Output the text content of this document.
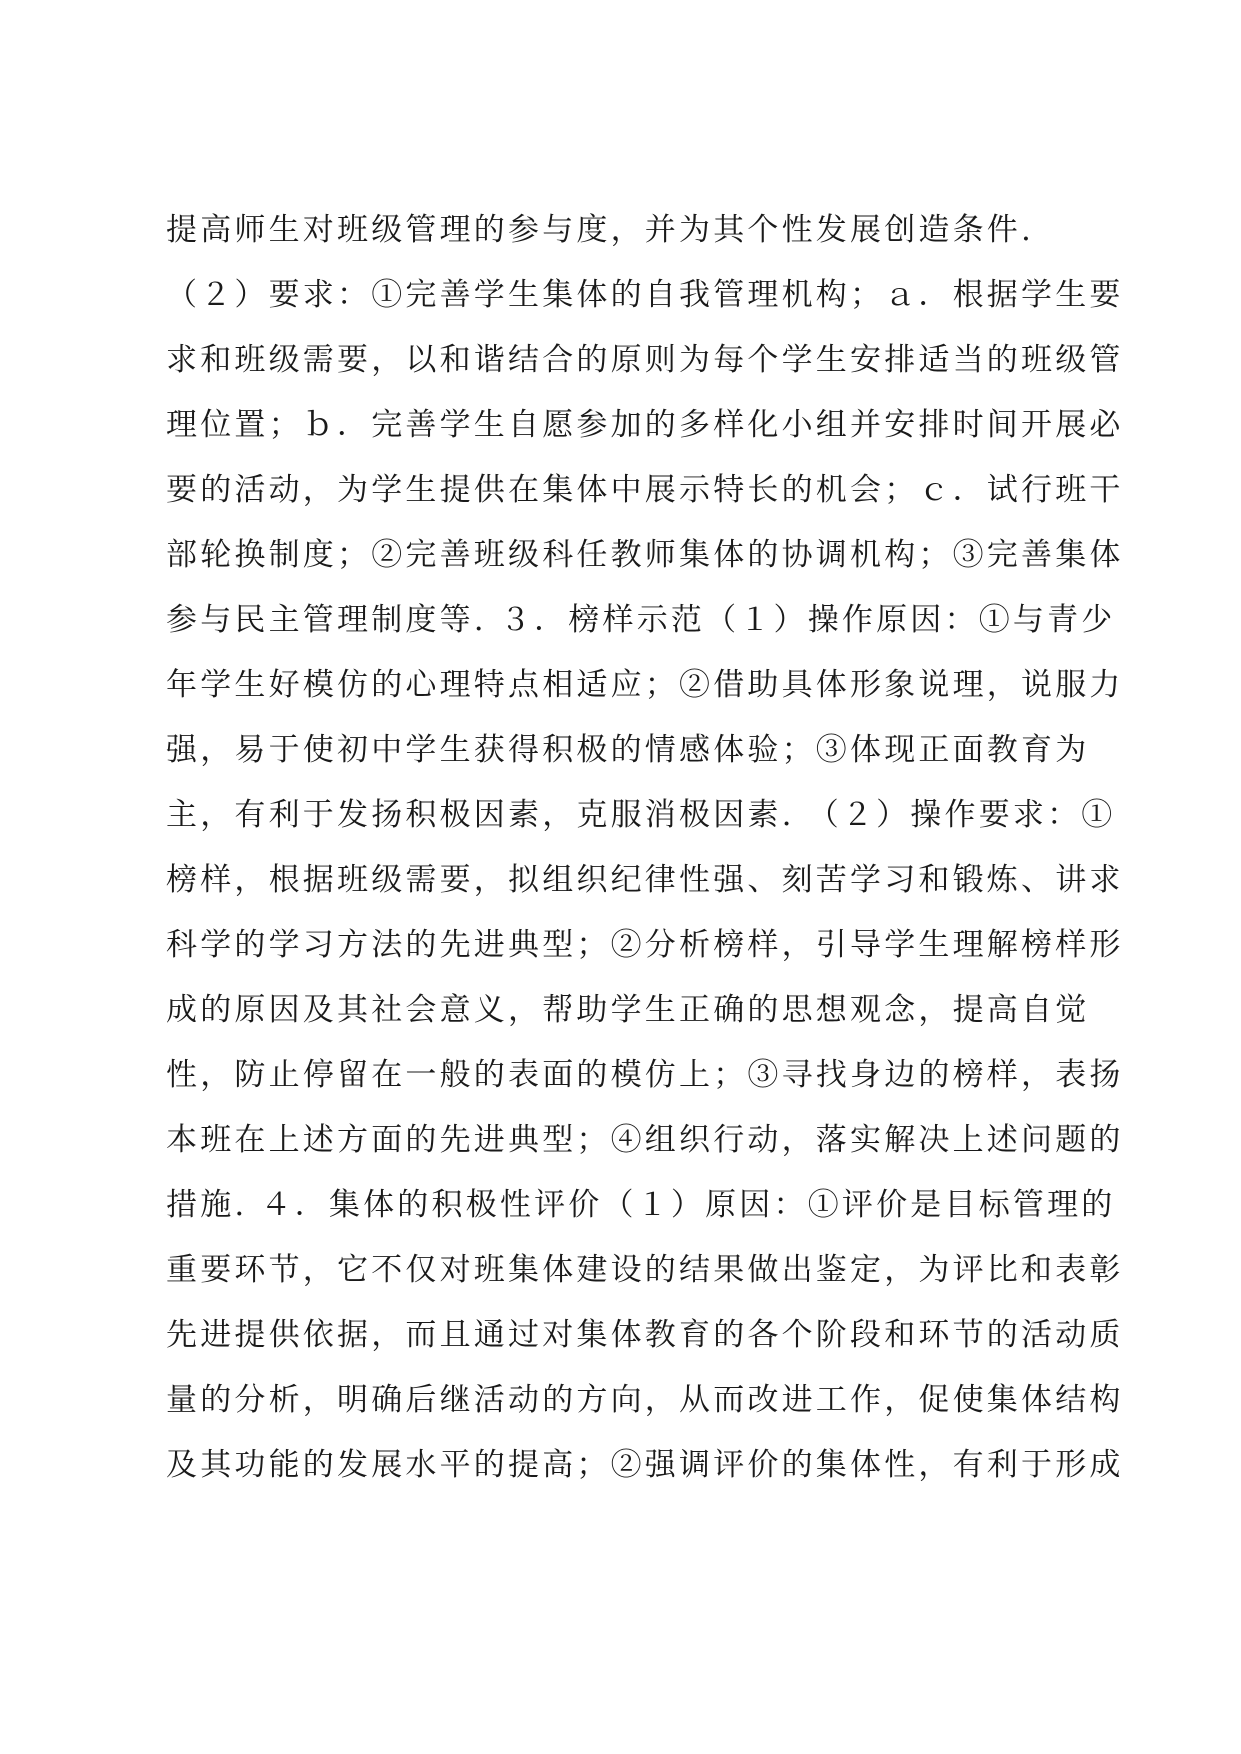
提高师生对班级管理的参与度，并为其个性发展创造条件.
（２）要求：①完善学生集体的自我管理机构；ａ．根据学生要
求和班级需要，以和谐结合的原则为每个学生安排适当的班级管
理位置；ｂ．完善学生自愿参加的多样化小组并安排时间开展必
要的活动，为学生提供在集体中展示特长的机会；ｃ．试行班干
部轮换制度；②完善班级科任教师集体的协调机构；③完善集体
参与民主管理制度等. ３．榜样示范（１）操作原因：①与青少
年学生好模仿的心理特点相适应；②借助具体形象说理，说服力
强，易于使初中学生获得积极的情感体验；③体现正面教育为
主，有利于发扬积极因素，克服消极因素. （２）操作要求：①
榜样，根据班级需要，拟组织纪律性强、刻苦学习和锻炼、讲求
科学的学习方法的先进典型；②分析榜样，引导学生理解榜样形
成的原因及其社会意义，帮助学生正确的思想观念，提高自觉
性，防止停留在一般的表面的模仿上；③寻找身边的榜样，表扬
本班在上述方面的先进典型；④组织行动，落实解决上述问题的
措施. ４．集体的积极性评价（１）原因：①评价是目标管理的
重要环节，它不仅对班集体建设的结果做出鉴定，为评比和表彰
先进提供依据，而且通过对集体教育的各个阶段和环节的活动质
量的分析，明确后继活动的方向，从而改进工作，促使集体结构
及其功能的发展水平的提高；②强调评价的集体性，有利于形成
